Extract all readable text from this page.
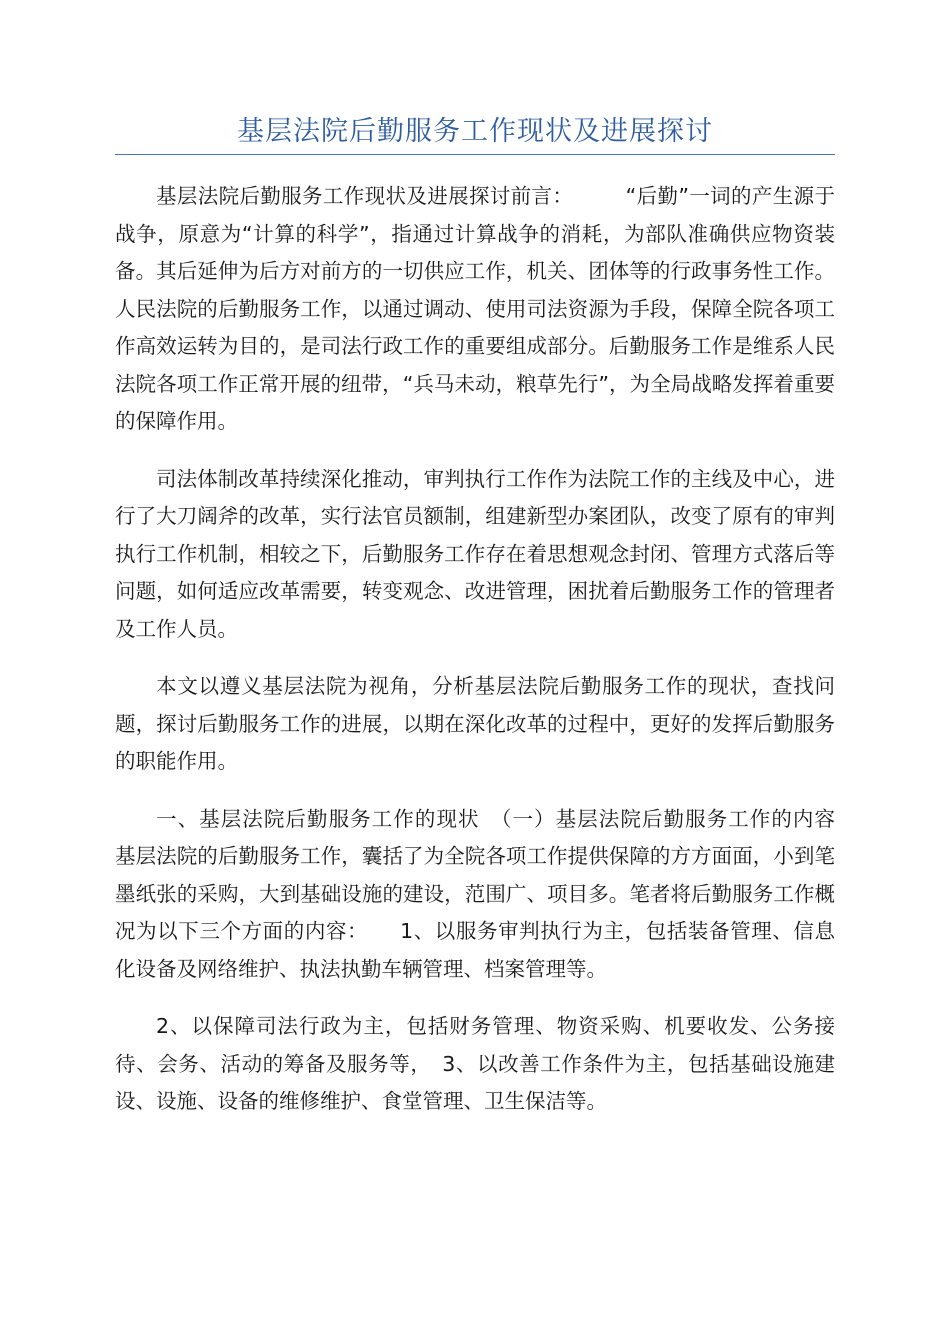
基层法院后勤服务工作现状及进展探讨

基层法院后勤服务工作现状及进展探讨前言：　　　“后勤”一词的产生源于战争，原意为“计算的科学”，指通过计算战争的消耗，为部队准确供应物资装备。其后延伸为后方对前方的一切供应工作，机关、团体等的行政事务性工作。人民法院的后勤服务工作，以通过调动、使用司法资源为手段，保障全院各项工作高效运转为目的，是司法行政工作的重要组成部分。后勤服务工作是维系人民法院各项工作正常开展的纽带，“兵马未动，粮草先行”，为全局战略发挥着重要的保障作用。

司法体制改革持续深化推动，审判执行工作作为法院工作的主线及中心，进行了大刀阔斧的改革，实行法官员额制，组建新型办案团队，改变了原有的审判执行工作机制，相较之下，后勤服务工作存在着思想观念封闭、管理方式落后等问题，如何适应改革需要，转变观念、改进管理，困扰着后勤服务工作的管理者及工作人员。

本文以遵义基层法院为视角，分析基层法院后勤服务工作的现状，查找问题，探讨后勤服务工作的进展，以期在深化改革的过程中，更好的发挥后勤服务的职能作用。

一、基层法院后勤服务工作的现状　（一）基层法院后勤服务工作的内容　基层法院的后勤服务工作，囊括了为全院各项工作提供保障的方方面面，小到笔墨纸张的采购，大到基础设施的建设，范围广、项目多。笔者将后勤服务工作概况为以下三个方面的内容：　　1、以服务审判执行为主，包括装备管理、信息化设备及网络维护、执法执勤车辆管理、档案管理等。

2、以保障司法行政为主，包括财务管理、物资采购、机要收发、公务接待、会务、活动的筹备及服务等，　3、以改善工作条件为主，包括基础设施建设、设施、设备的维修维护、食堂管理、卫生保洁等。
